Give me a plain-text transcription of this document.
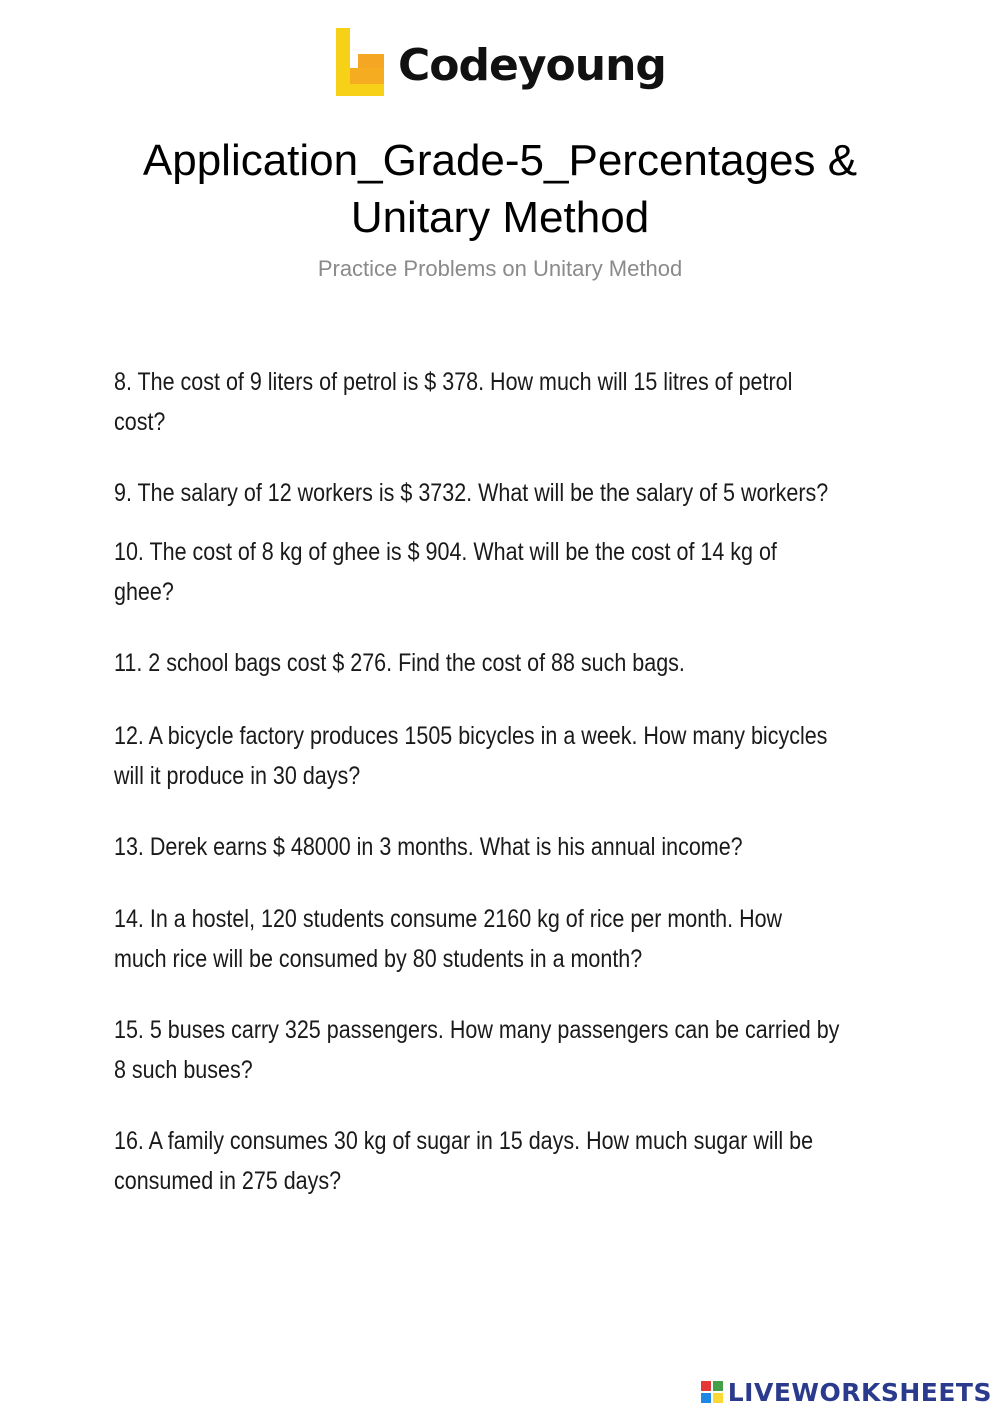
Codeyoung
Application_Grade-5_Percentages &
Unitary Method
Practice Problems on Unitary Method
8. The cost of 9 liters of petrol is $ 378. How much will 15 litres of petrol
cost?
9. The salary of 12 workers is $ 3732. What will be the salary of 5 workers?
10. The cost of 8 kg of ghee is $ 904. What will be the cost of 14 kg of
ghee?
11. 2 school bags cost $ 276. Find the cost of 88 such bags.
12. A bicycle factory produces 1505 bicycles in a week. How many bicycles
will it produce in 30 days?
13. Derek earns $ 48000 in 3 months. What is his annual income?
14. In a hostel, 120 students consume 2160 kg of rice per month. How
much rice will be consumed by 80 students in a month?
15. 5 buses carry 325 passengers. How many passengers can be carried by
8 such buses?
16. A family consumes 30 kg of sugar in 15 days. How much sugar will be
consumed in 275 days?
LIVEWORKSHEETS
